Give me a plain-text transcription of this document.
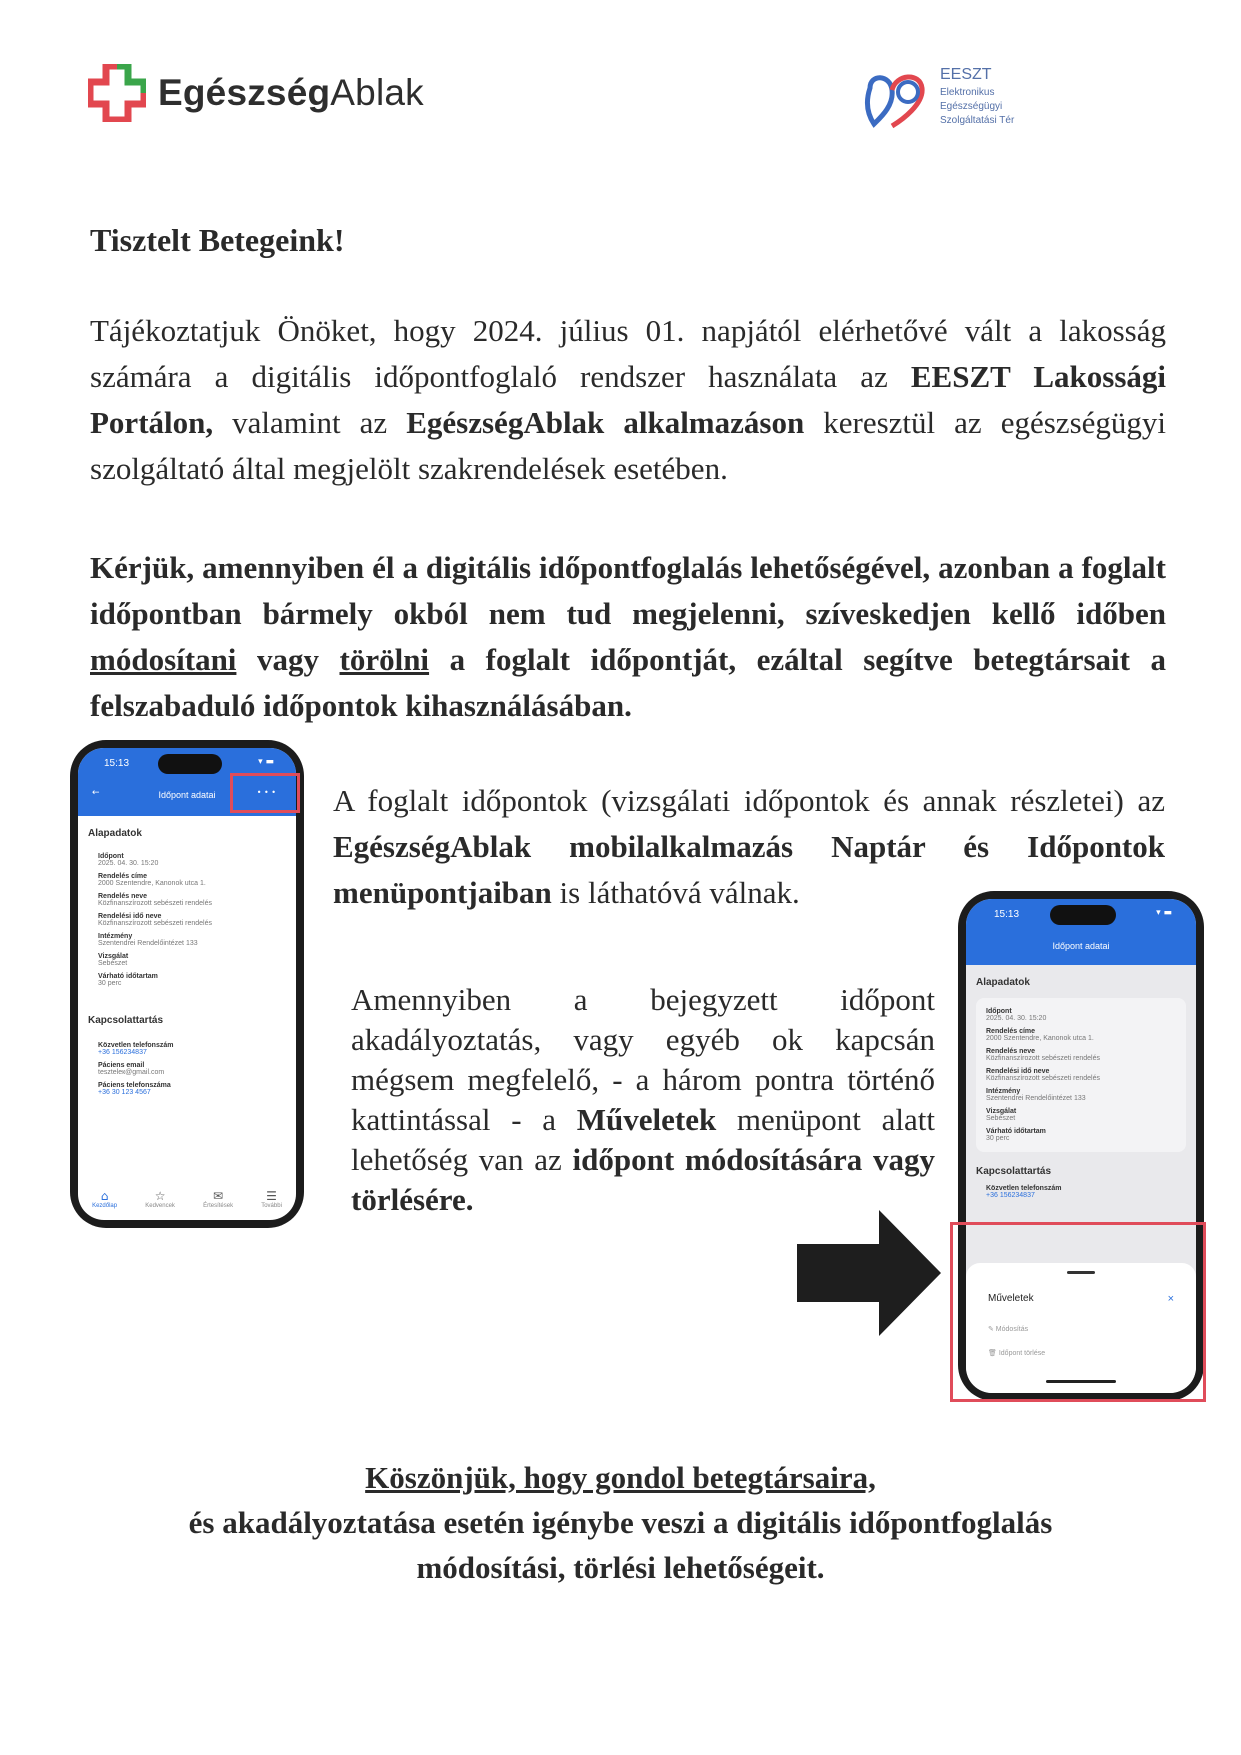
EgészségAblak	EESZT
Elektronikus
Egészségügyi
Szolgáltatási Tér
Tisztelt Betegeink!

Tájékoztatjuk Önöket, hogy 2024. július 01. napjától elérhetővé vált a lakosság számára a digitális időpontfoglaló rendszer használata az EESZT Lakossági Portálon, valamint az EgészségAblak alkalmazáson keresztül az egészségügyi szolgáltató által megjelölt szakrendelések esetében.

Kérjük, amennyiben él a digitális időpontfoglalás lehetőségével, azonban a foglalt időpontban bármely okból nem tud megjelenni, szíveskedjen kellő időben módosítani vagy törölni a foglalt időpontját, ezáltal segítve betegtársait a felszabaduló időpontok kihasználásában.

15:13	▾ ▬
←	Időpont adatai	• • •

Alapadatok

Időpont

2025. 04. 30. 15:20

Rendelés címe

2000 Szentendre, Kanonok utca 1.

Rendelés neve

Közfinanszírozott sebészeti rendelés

Rendelési idő neve

Közfinanszírozott sebészeti rendelés

Intézmény

Szentendrei Rendelőintézet 133

Vizsgálat

Sebészet

Várható időtartam

30 perc

Kapcsolattartás

Közvetlen telefonszám

+36 156234837

Páciens email

teszteleк@gmail.com

Páciens telefonszáma

+36 30 123 4567

⌂
Kezdőlap
☆
Kedvencek
✉
Értesítések
☰
További

A foglalt időpontok (vizsgálati időpontok és annak részletei) az EgészségAblak mobilalkalmazás Naptár és Időpontok menüpontjaiban is láthatóvá válnak.

Amennyiben a bejegyzett időpont akadályoztatás, vagy egyéb ok kapcsán mégsem megfelelő, - a három pontra történő kattintással - a Műveletek menüpont alatt lehetőség van az időpont módosítására vagy törlésére.

15:13	▾ ▬
Időpont adatai

Alapadatok

Időpont

2025. 04. 30. 15:20

Rendelés címe

2000 Szentendre, Kanonok utca 1.

Rendelés neve

Közfinanszírozott sebészeti rendelés

Rendelési idő neve

Közfinanszírozott sebészeti rendelés

Intézmény

Szentendrei Rendelőintézet 133

Vizsgálat

Sebészet

Várható időtartam

30 perc

Kapcsolattartás

Közvetlen telefonszám

+36 156234837

Műveletek	×
✎ Módosítás
🗑 Időpont törlése

Köszönjük, hogy gondol betegtársaira,
és akadályoztatása esetén igénybe veszi a digitális időpontfoglalás
módosítási, törlési lehetőségeit.
